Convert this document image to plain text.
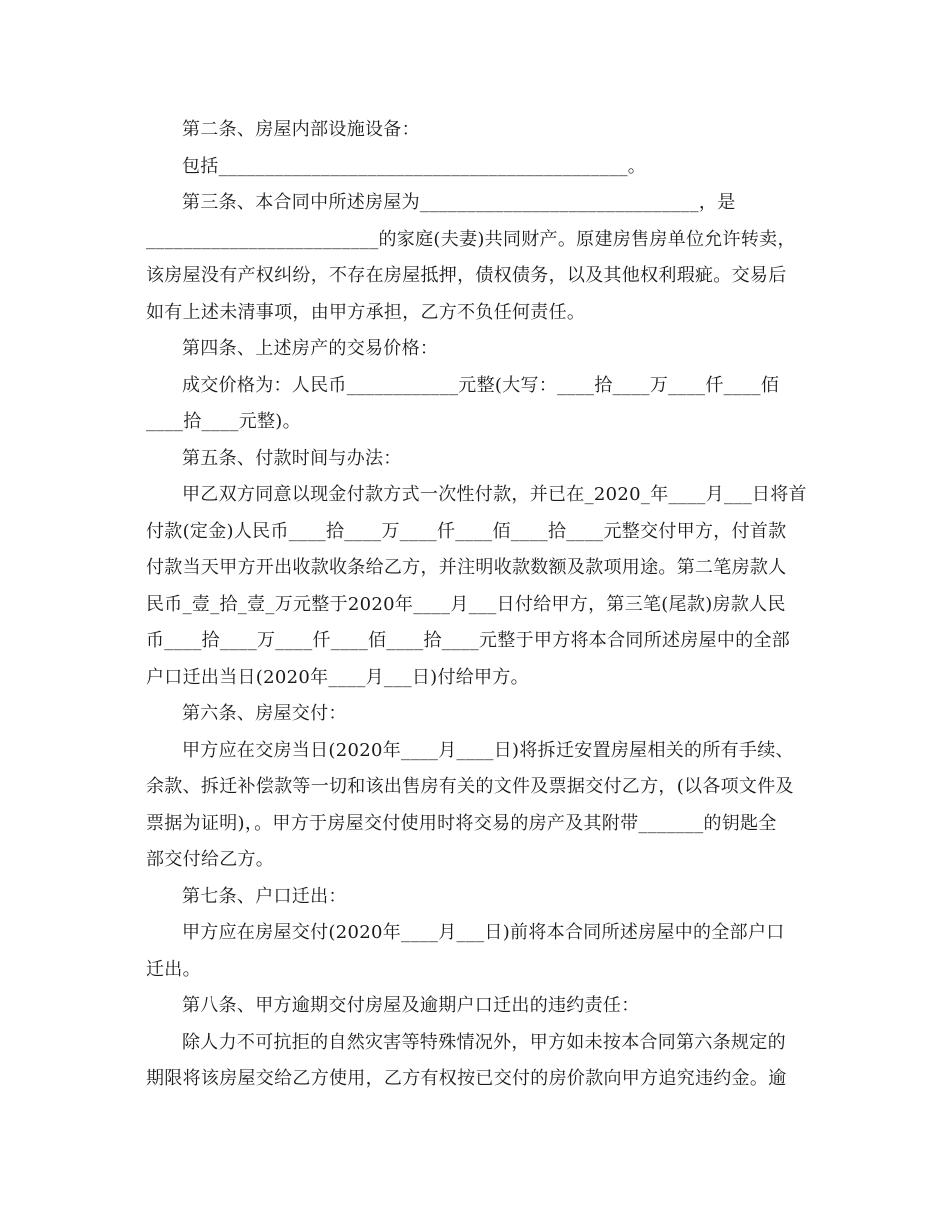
第二条、房屋内部设施设备：
包括____________________________________________。
第三条、本合同中所述房屋为______________________________，是
_________________________的家庭(夫妻)共同财产。原建房售房单位允许转卖，
该房屋没有产权纠纷，不存在房屋抵押，债权债务，以及其他权利瑕疵。交易后
如有上述未清事项，由甲方承担，乙方不负任何责任。
第四条、上述房产的交易价格：
成交价格为：人民币____________元整(大写：____拾____万____仟____佰
____拾____元整)。
第五条、付款时间与办法：
甲乙双方同意以现金付款方式一次性付款，并已在_2020_年____月___日将首
付款(定金)人民币____拾____万____仟____佰____拾____元整交付甲方，付首款
付款当天甲方开出收款收条给乙方，并注明收款数额及款项用途。第二笔房款人
民币_壹_拾_壹_万元整于2020年____月___日付给甲方，第三笔(尾款)房款人民
币____拾____万____仟____佰____拾____元整于甲方将本合同所述房屋中的全部
户口迁出当日(2020年____月___日)付给甲方。
第六条、房屋交付：
甲方应在交房当日(2020年____月____日)将拆迁安置房屋相关的所有手续、
余款、拆迁补偿款等一切和该出售房有关的文件及票据交付乙方，(以各项文件及
票据为证明)，。甲方于房屋交付使用时将交易的房产及其附带_______的钥匙全
部交付给乙方。
第七条、户口迁出：
甲方应在房屋交付(2020年____月___日)前将本合同所述房屋中的全部户口
迁出。
第八条、甲方逾期交付房屋及逾期户口迁出的违约责任：
除人力不可抗拒的自然灾害等特殊情况外，甲方如未按本合同第六条规定的
期限将该房屋交给乙方使用，乙方有权按已交付的房价款向甲方追究违约金。逾
